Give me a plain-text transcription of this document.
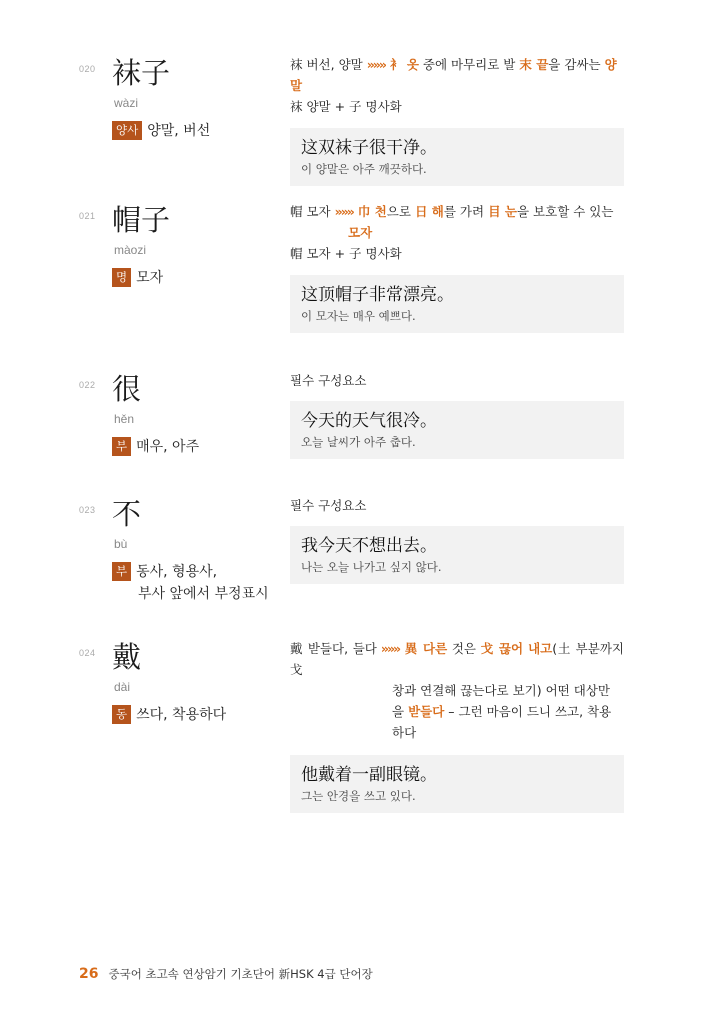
020 袜子
wàzi
양사 양말, 버선
袜 버선, 양말 »»» 衤 옷 중에 마무리로 발 末 끝을 감싸는 양말
袜 양말 + 子 명사화
这双袜子很干净。
이 양말은 아주 깨끗하다.
021 帽子
màozi
명 모자
帽 모자 »»» 巾 천으로 日 해를 가려 目 눈을 보호할 수 있는
모자
帽 모자 + 子 명사화
这顶帽子非常漂亮。
이 모자는 매우 예쁘다.
022 很
hěn
부 매우, 아주
필수 구성요소
今天的天气很冷。
오늘 날씨가 아주 춥다.
023 不
bù
부 동사, 형용사,
부사 앞에서 부정표시
필수 구성요소
我今天不想出去。
나는 오늘 나가고 싶지 않다.
024 戴
dài
동 쓰다, 착용하다
戴 받들다, 들다 »»» 異 다른 것은 戈 끊어 내고(土 부분까지 戈
창과 연결해 끊는다로 보기) 어떤 대상만
을 받들다 – 그런 마음이 드니 쓰고, 착용
하다
他戴着一副眼镜。
그는 안경을 쓰고 있다.
26 중국어 초고속 연상암기 기초단어 新HSK 4급 단어장
